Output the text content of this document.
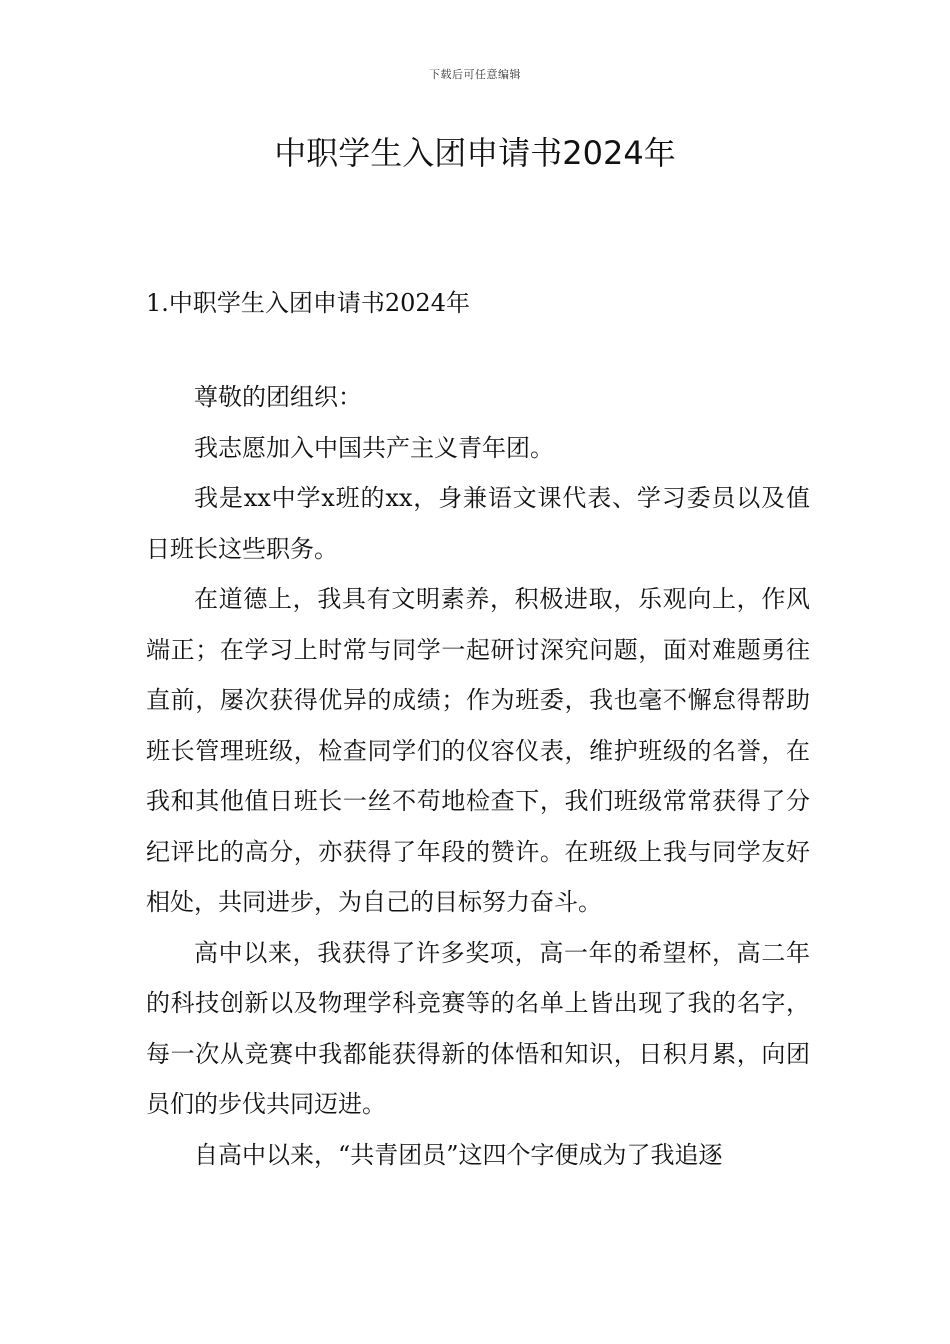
下载后可任意编辑
中职学生入团申请书2024年
1.中职学生入团申请书2024年

尊敬的团组织：

我志愿加入中国共产主义青年团。

我是xx中学x班的xx，身兼语文课代表、学习委员以及值日班长这些职务。

在道德上，我具有文明素养，积极进取，乐观向上，作风端正；在学习上时常与同学一起研讨深究问题，面对难题勇往直前，屡次获得优异的成绩；作为班委，我也毫不懈怠得帮助班长管理班级，检查同学们的仪容仪表，维护班级的名誉，在我和其他值日班长一丝不苟地检查下，我们班级常常获得了分纪评比的高分，亦获得了年段的赞许。在班级上我与同学友好相处，共同进步，为自己的目标努力奋斗。

高中以来，我获得了许多奖项，高一年的希望杯，高二年的科技创新以及物理学科竞赛等的名单上皆出现了我的名字，每一次从竞赛中我都能获得新的体悟和知识，日积月累，向团员们的步伐共同迈进。

自高中以来，“共青团员”这四个字便成为了我追逐
